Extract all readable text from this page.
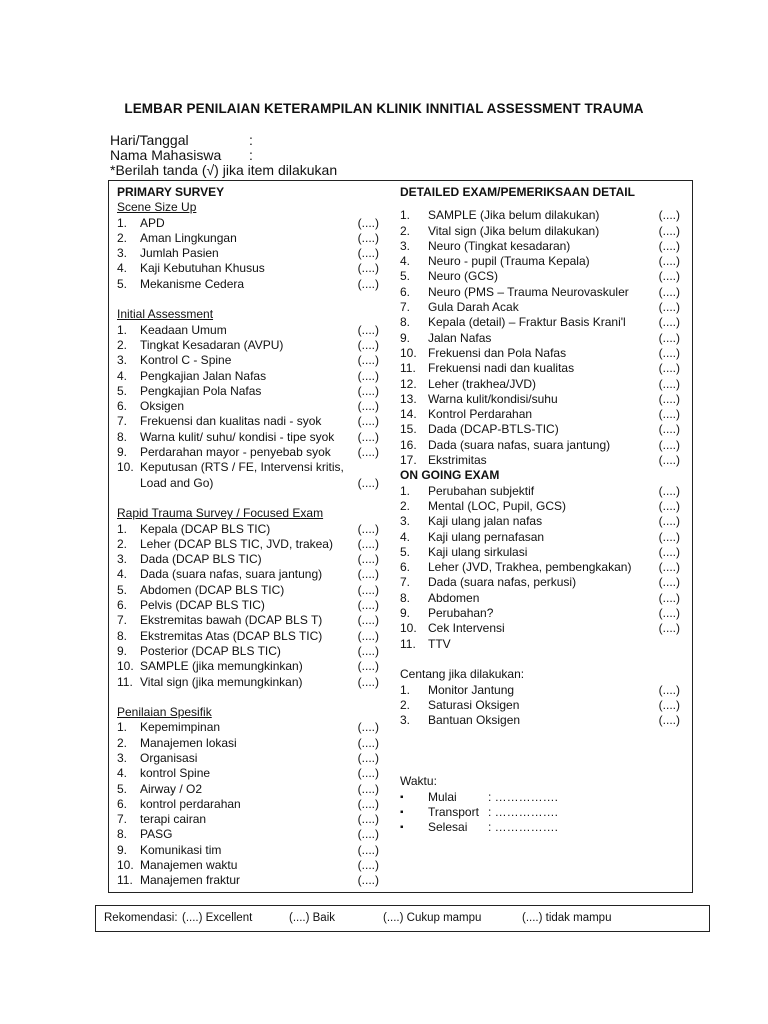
LEMBAR PENILAIAN KETERAMPILAN KLINIK INNITIAL ASSESSMENT TRAUMA
Hari/Tanggal	:
Nama Mahasiswa :
*Berilah tanda (√) jika item dilakukan
PRIMARY SURVEY
Scene Size Up
1. APD	(....)
2. Aman Lingkungan	(....)
3. Jumlah Pasien	(....)
4. Kaji Kebutuhan Khusus	(....)
5. Mekanisme Cedera	(....)
Initial Assessment
1. Keadaan Umum	(....)
2. Tingkat Kesadaran (AVPU)	(....)
3. Kontrol C - Spine	(....)
4. Pengkajian Jalan Nafas	(....)
5. Pengkajian Pola Nafas	(....)
6. Oksigen	(....)
7. Frekuensi dan kualitas nadi - syok	(....)
8. Warna kulit/ suhu/ kondisi - tipe syok (....)
9. Perdarahan mayor - penyebab syok (....)
10. Keputusan (RTS / FE, Intervensi kritis,
Load and Go)	(....)
Rapid Trauma Survey / Focused Exam
1. Kepala (DCAP BLS TIC)	(....)
2. Leher (DCAP BLS TIC, JVD, trakea) (....)
3. Dada (DCAP BLS TIC)	(....)
4. Dada (suara nafas, suara jantung)	(....)
5. Abdomen (DCAP BLS TIC)	(....)
6. Pelvis (DCAP BLS TIC)	(....)
7. Ekstremitas bawah (DCAP BLS T)	(....)
8. Ekstremitas Atas (DCAP BLS TIC)	(....)
9. Posterior (DCAP BLS TIC)	(....)
10. SAMPLE (jika memungkinkan)	(....)
11. Vital sign (jika memungkinkan)	(....)
Penilaian Spesifik
1. Kepemimpinan	(....)
2. Manajemen lokasi	(....)
3. Organisasi	(....)
4. kontrol Spine	(....)
5. Airway / O2	(....)
6. kontrol perdarahan	(....)
7. terapi cairan	(....)
8. PASG	(....)
9. Komunikasi tim	(....)
10. Manajemen waktu	(....)
11. Manajemen fraktur	(....)
DETAILED EXAM/PEMERIKSAAN DETAIL
1. SAMPLE (Jika belum dilakukan)	(....)
2. Vital sign (Jika belum dilakukan)	(....)
3. Neuro (Tingkat kesadaran)	(....)
4. Neuro - pupil (Trauma Kepala)	(....)
5. Neuro (GCS)	(....)
6. Neuro (PMS – Trauma Neurovaskuler (....)
7. Gula Darah Acak	(....)
8. Kepala (detail) – Fraktur Basis Krani'l	(....)
9. Jalan Nafas	(....)
10. Frekuensi dan Pola Nafas	(....)
11. Frekuensi nadi dan kualitas	(....)
12. Leher (trakhea/JVD)	(....)
13. Warna kulit/kondisi/suhu	(....)
14. Kontrol Perdarahan	(....)
15. Dada (DCAP-BTLS-TIC)	(....)
16. Dada (suara nafas, suara jantung)	(....)
17. Ekstrimitas	(....)
ON GOING EXAM
1. Perubahan subjektif	(....)
2. Mental (LOC, Pupil, GCS)	(....)
3. Kaji ulang jalan nafas	(....)
4. Kaji ulang pernafasan	(....)
5. Kaji ulang sirkulasi	(....)
6. Leher (JVD, Trakhea, pembengkakan) (....)
7. Dada (suara nafas, perkusi)	(....)
8. Abdomen	(....)
9. Perubahan?	(....)
10. Cek Intervensi	(....)
11. TTV
Centang jika dilakukan:
1. Monitor Jantung	(....)
2. Saturasi Oksigen	(....)
3. Bantuan Oksigen	(....)
Waktu:
▪ Mulai	: …………….
▪ Transport : …………….
▪ Selesai : …………….
Rekomendasi: (....) Excellent	(....) Baik	(....) Cukup mampu	(....) tidak mampu
